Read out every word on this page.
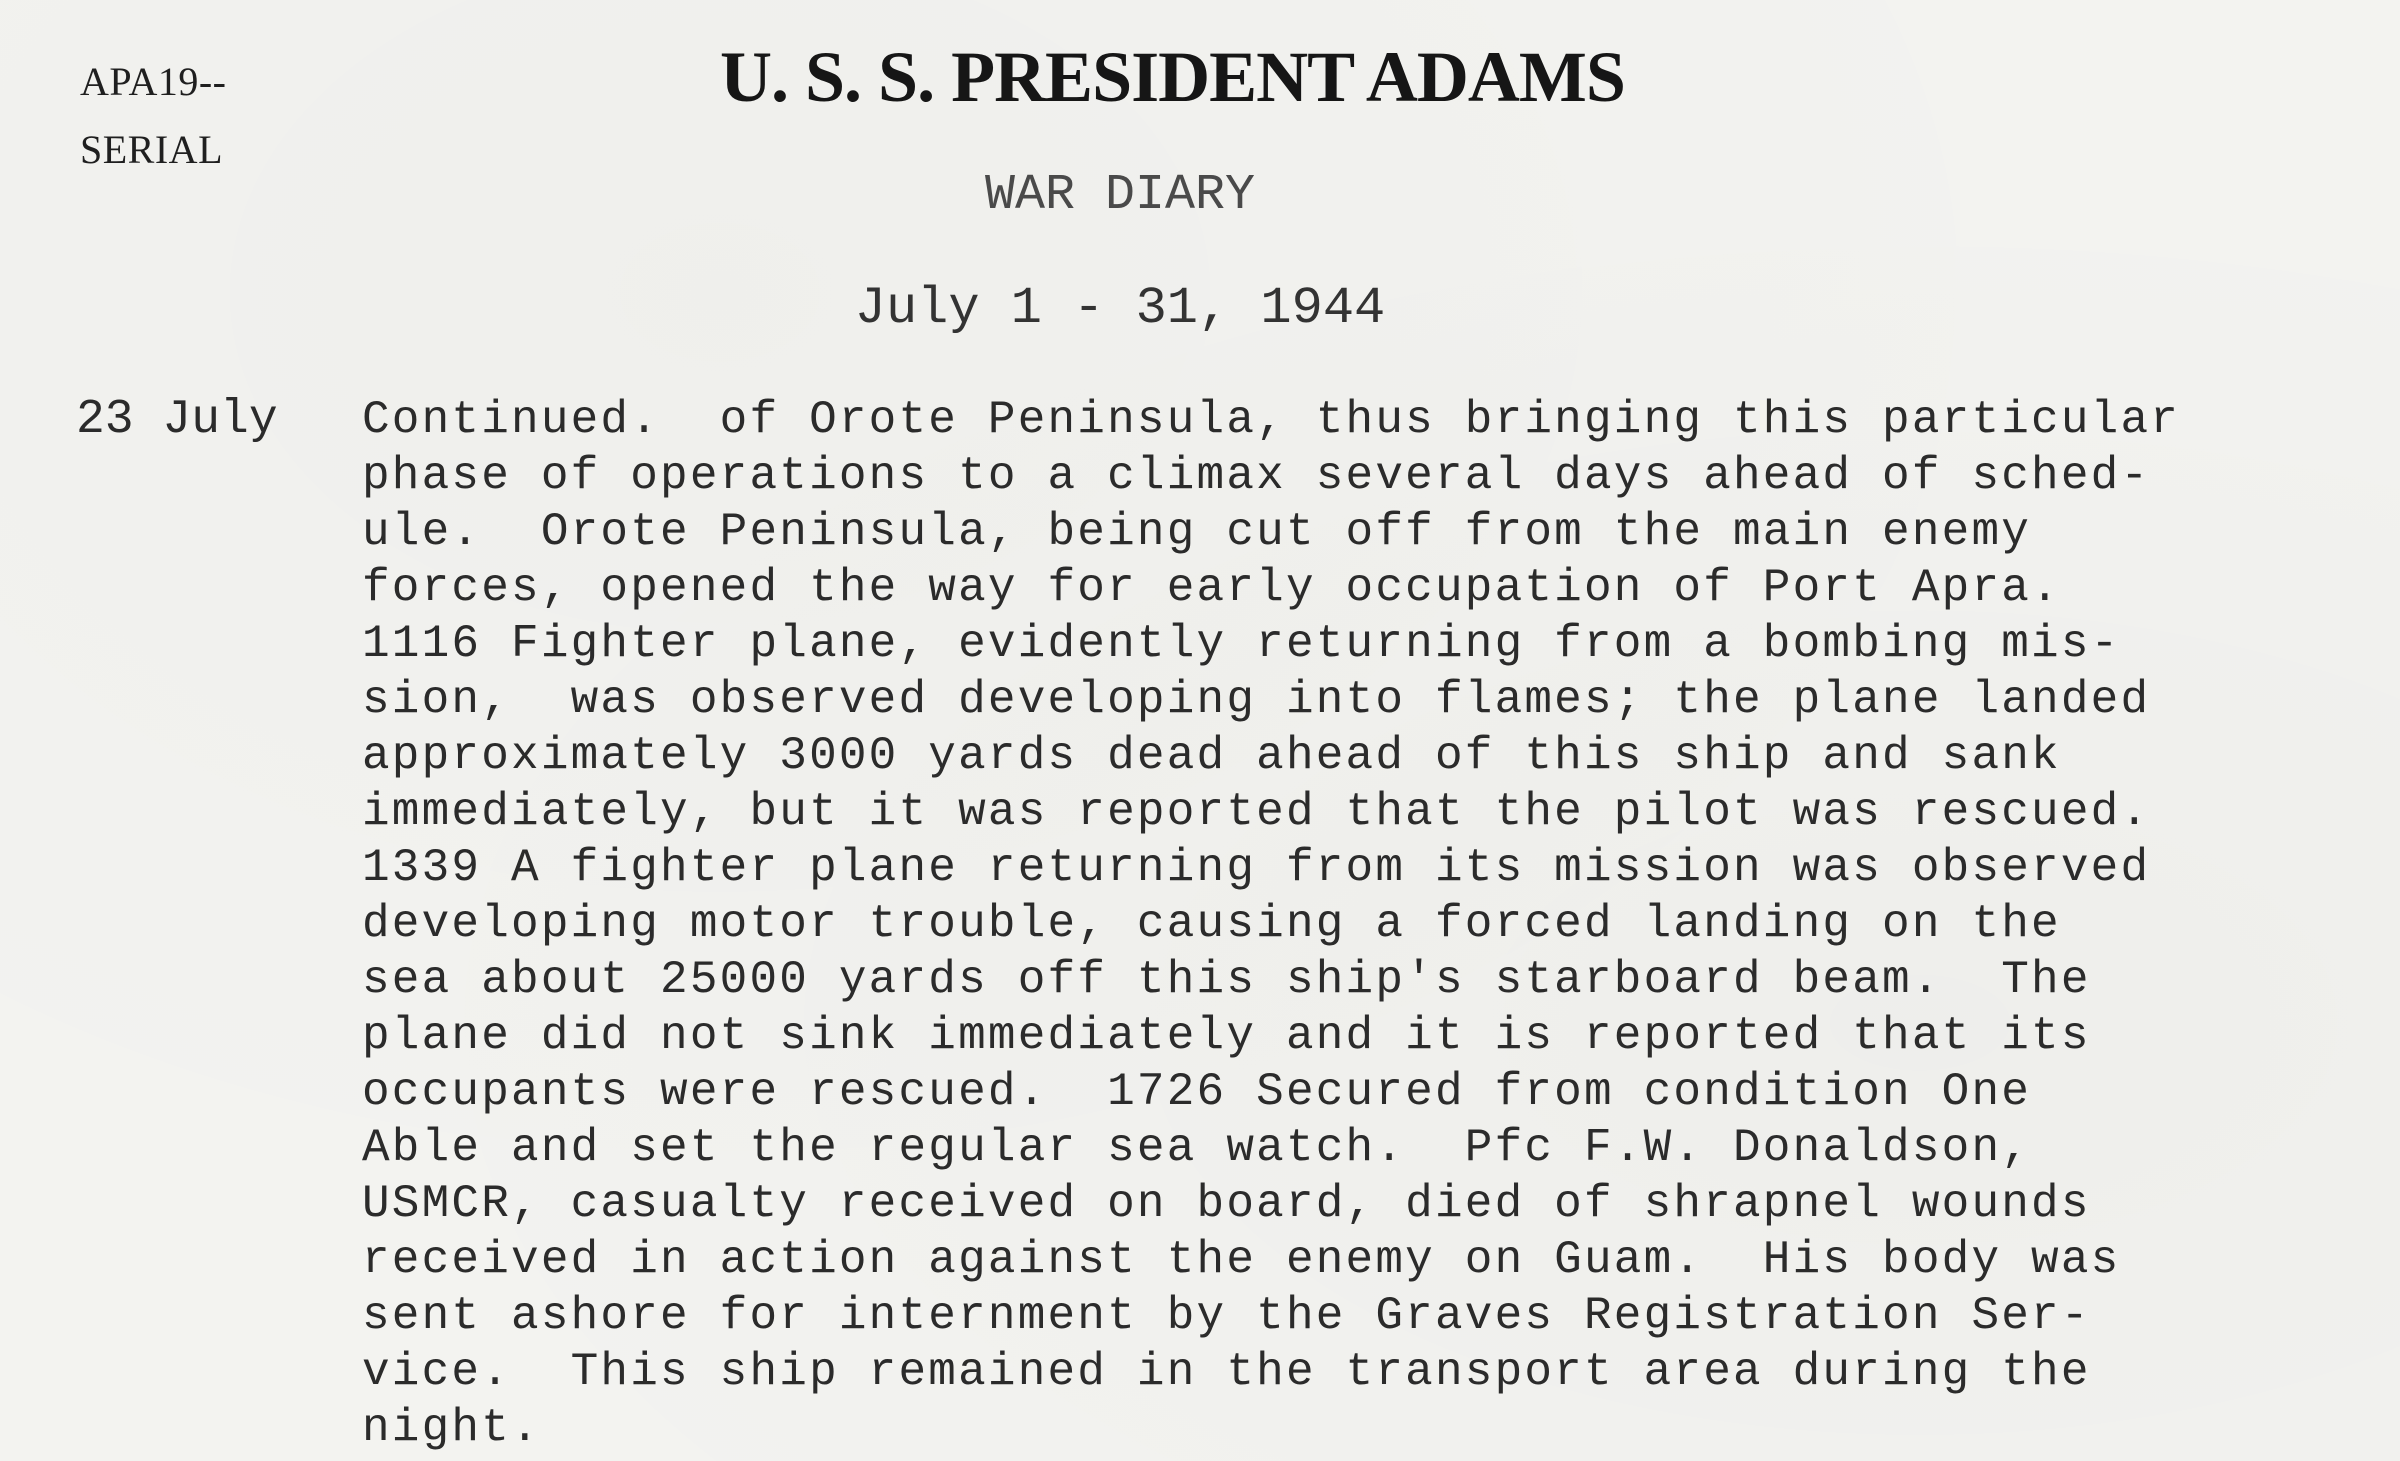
APA19--
SERIAL
U. S. S. PRESIDENT ADAMS
WAR DIARY
July 1 - 31, 1944
23 July Continued.  of Orote Peninsula, thus bringing this particular
phase of operations to a climax several days ahead of sched-
ule.  Orote Peninsula, being cut off from the main enemy
forces, opened the way for early occupation of Port Apra.
1116 Fighter plane, evidently returning from a bombing mis-
sion,  was observed developing into flames; the plane landed
approximately 3000 yards dead ahead of this ship and sank
immediately, but it was reported that the pilot was rescued.
1339 A fighter plane returning from its mission was observed
developing motor trouble, causing a forced landing on the
sea about 25000 yards off this ship's starboard beam.  The
plane did not sink immediately and it is reported that its
occupants were rescued.  1726 Secured from condition One
Able and set the regular sea watch.  Pfc F.W. Donaldson,
USMCR, casualty received on board, died of shrapnel wounds
received in action against the enemy on Guam.  His body was
sent ashore for internment by the Graves Registration Ser-
vice.  This ship remained in the transport area during the
night.
